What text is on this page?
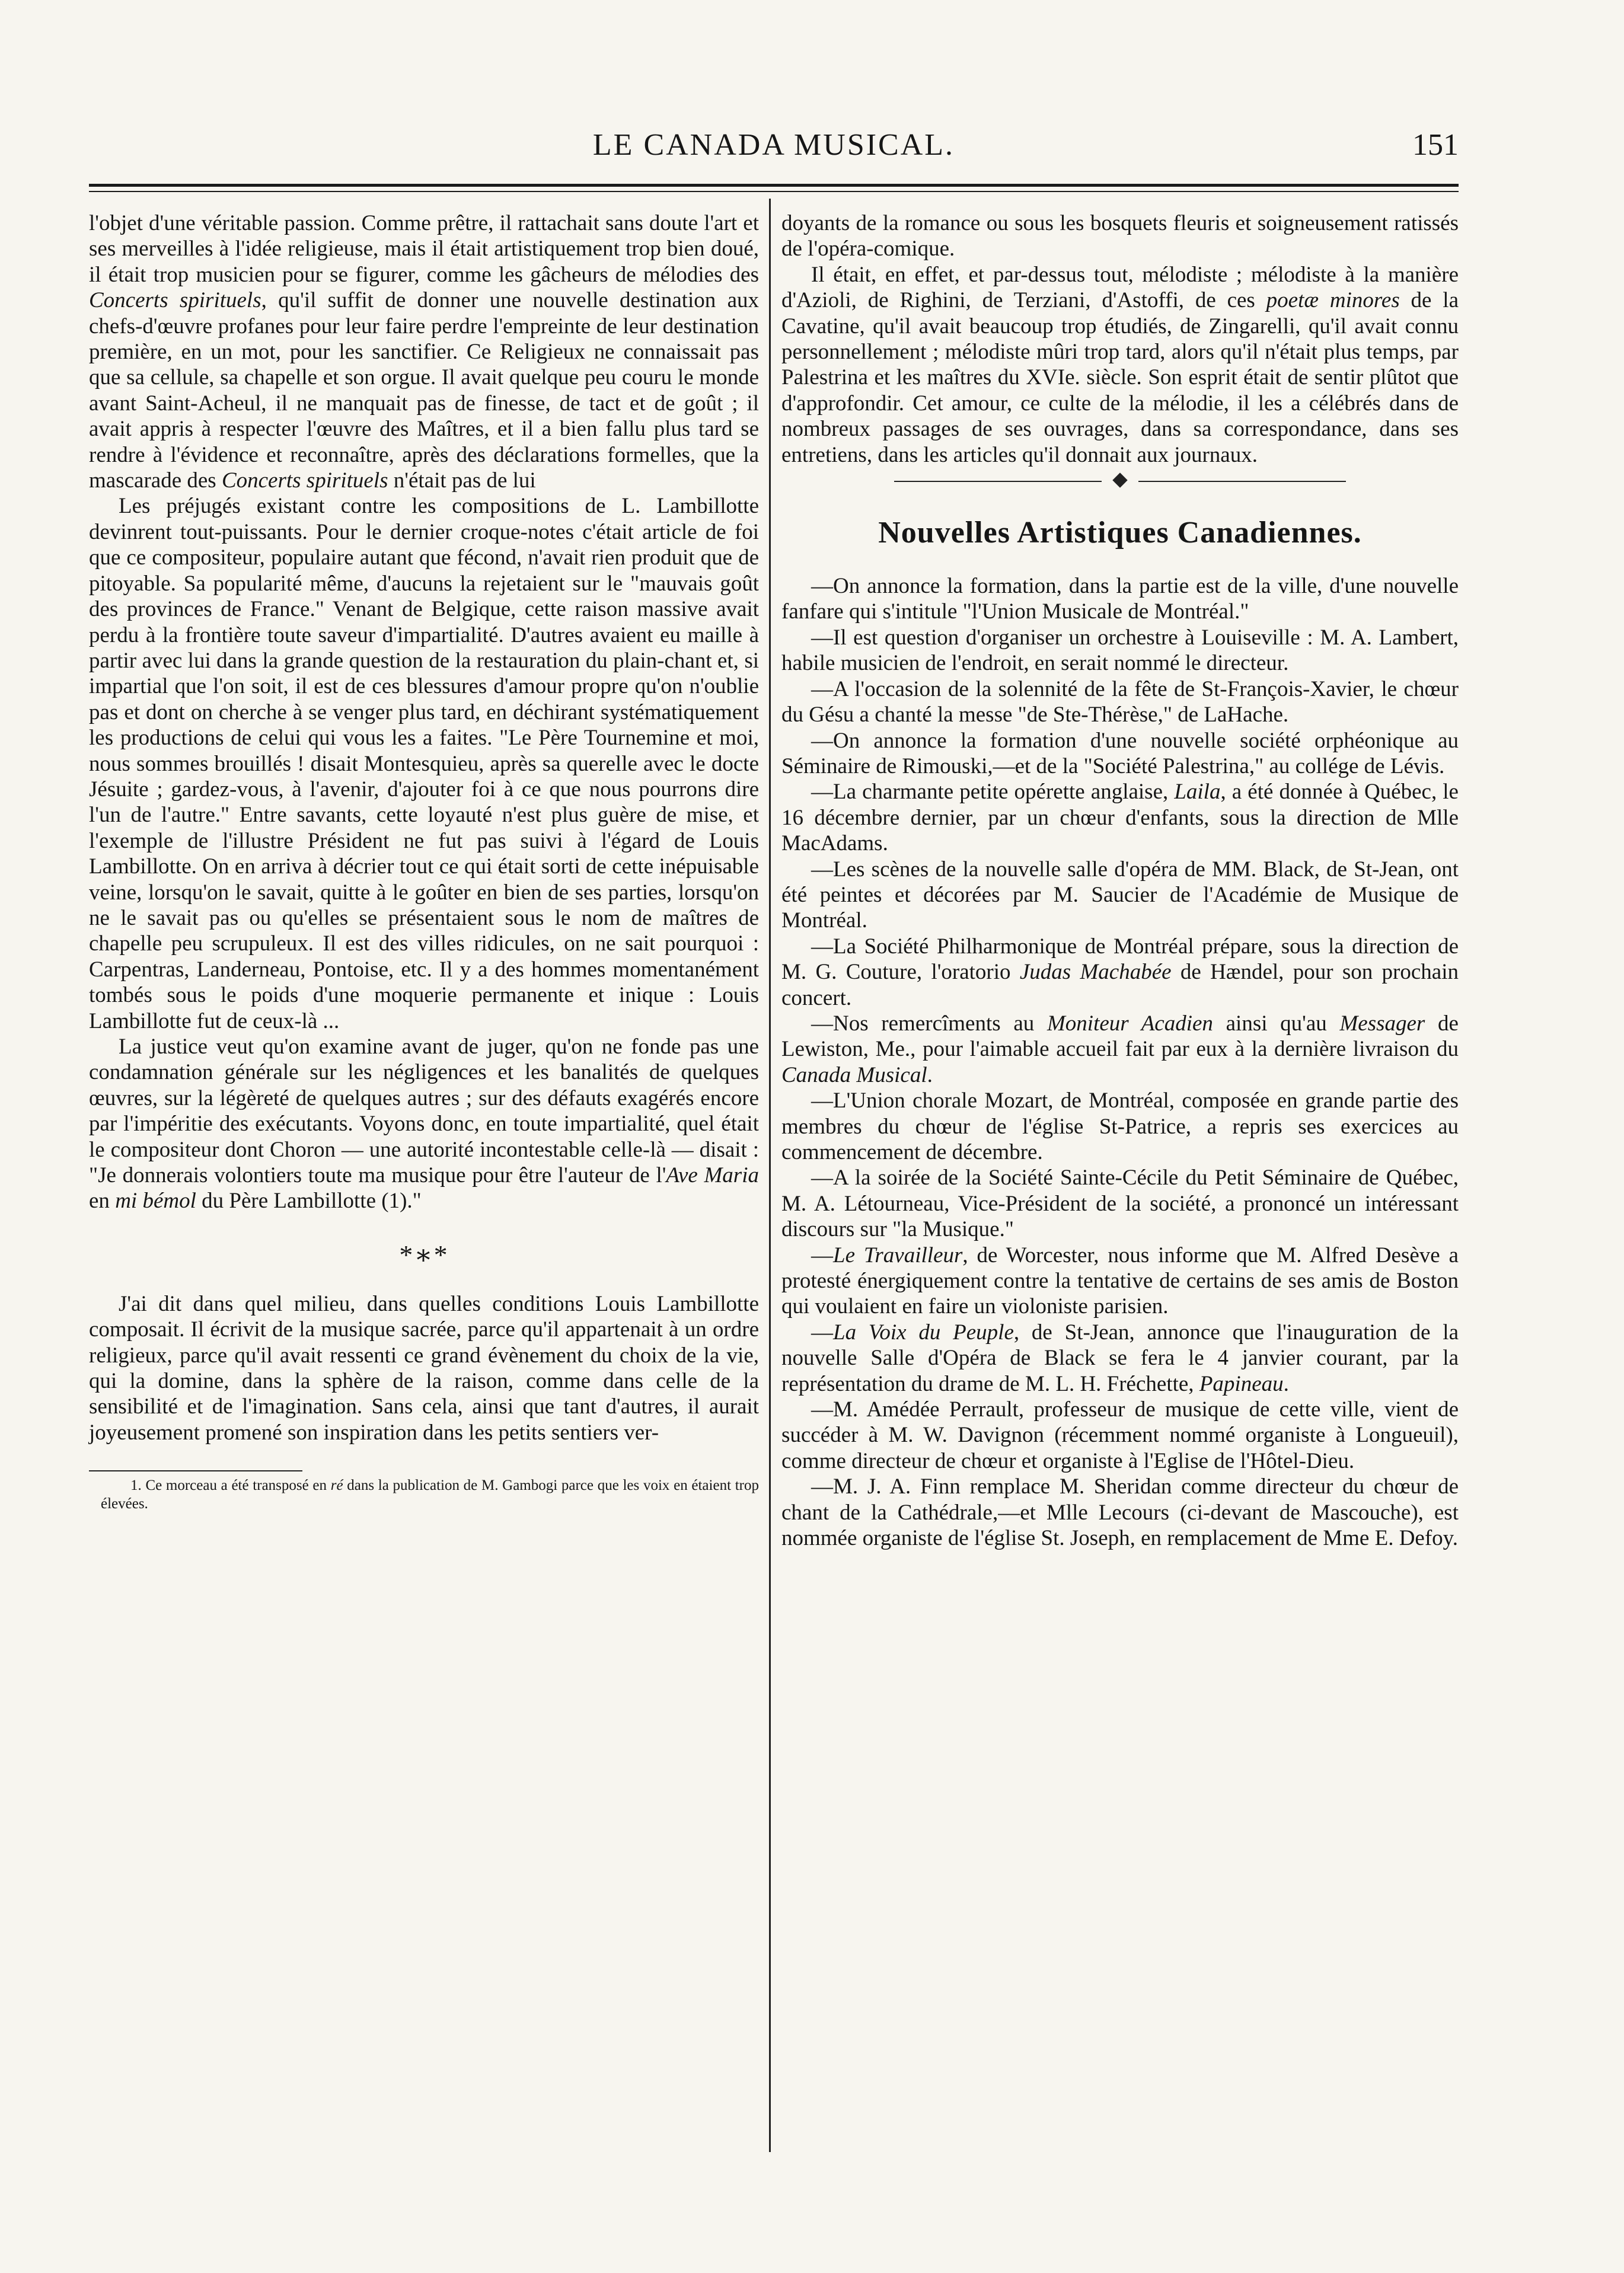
LE CANADA MUSICAL.	151

l'objet d'une véritable passion. Comme prêtre, il rattachait sans doute l'art et ses merveilles à l'idée religieuse, mais il était artistiquement trop bien doué, il était trop musicien pour se figurer, comme les gâcheurs de mélodies des Concerts spirituels, qu'il suffit de donner une nouvelle destination aux chefs-d'œuvre profanes pour leur faire perdre l'empreinte de leur destination première, en un mot, pour les sanctifier. Ce Religieux ne connaissait pas que sa cellule, sa chapelle et son orgue. Il avait quelque peu couru le monde avant Saint-Acheul, il ne manquait pas de finesse, de tact et de goût ; il avait appris à respecter l'œuvre des Maîtres, et il a bien fallu plus tard se rendre à l'évidence et reconnaître, après des déclarations formelles, que la mascarade des Concerts spirituels n'était pas de lui

Les préjugés existant contre les compositions de L. Lambillotte devinrent tout-puissants. Pour le dernier croque-notes c'était article de foi que ce compositeur, populaire autant que fécond, n'avait rien produit que de pitoyable. Sa popularité même, d'aucuns la rejetaient sur le "mauvais goût des provinces de France." Venant de Belgique, cette raison massive avait perdu à la frontière toute saveur d'impartialité. D'autres avaient eu maille à partir avec lui dans la grande question de la restauration du plain-chant et, si impartial que l'on soit, il est de ces blessures d'amour propre qu'on n'oublie pas et dont on cherche à se venger plus tard, en déchirant systématiquement les productions de celui qui vous les a faites. "Le Père Tournemine et moi, nous sommes brouillés ! disait Montesquieu, après sa querelle avec le docte Jésuite ; gardez-vous, à l'avenir, d'ajouter foi à ce que nous pourrons dire l'un de l'autre." Entre savants, cette loyauté n'est plus guère de mise, et l'exemple de l'illustre Président ne fut pas suivi à l'égard de Louis Lambillotte. On en arriva à décrier tout ce qui était sorti de cette inépuisable veine, lorsqu'on le savait, quitte à le goûter en bien de ses parties, lorsqu'on ne le savait pas ou qu'elles se présentaient sous le nom de maîtres de chapelle peu scrupuleux. Il est des villes ridicules, on ne sait pourquoi : Carpentras, Landerneau, Pontoise, etc. Il y a des hommes momentanément tombés sous le poids d'une moquerie permanente et inique : Louis Lambillotte fut de ceux-là ...

La justice veut qu'on examine avant de juger, qu'on ne fonde pas une condamnation générale sur les négligences et les banalités de quelques œuvres, sur la légèreté de quelques autres ; sur des défauts exagérés encore par l'impéritie des exécutants. Voyons donc, en toute impartialité, quel était le compositeur dont Choron — une autorité incontestable celle-là — disait : "Je donnerais volontiers toute ma musique pour être l'auteur de l'Ave Maria en mi bémol du Père Lambillotte (1)."

*∗*

J'ai dit dans quel milieu, dans quelles conditions Louis Lambillotte composait. Il écrivit de la musique sacrée, parce qu'il appartenait à un ordre religieux, parce qu'il avait ressenti ce grand évènement du choix de la vie, qui la domine, dans la sphère de la raison, comme dans celle de la sensibilité et de l'imagination. Sans cela, ainsi que tant d'autres, il aurait joyeusement promené son inspiration dans les petits sentiers ver-

1. Ce morceau a été transposé en ré dans la publication de M. Gambogi parce que les voix en étaient trop élevées.

doyants de la romance ou sous les bosquets fleuris et soigneusement ratissés de l'opéra-comique.

Il était, en effet, et par-dessus tout, mélodiste ; mélodiste à la manière d'Azioli, de Righini, de Terziani, d'Astoffi, de ces poetæ minores de la Cavatine, qu'il avait beaucoup trop étudiés, de Zingarelli, qu'il avait connu personnellement ; mélodiste mûri trop tard, alors qu'il n'était plus temps, par Palestrina et les maîtres du XVIe. siècle. Son esprit était de sentir plûtot que d'approfondir. Cet amour, ce culte de la mélodie, il les a célébrés dans de nombreux passages de ses ouvrages, dans sa correspondance, dans ses entretiens, dans les articles qu'il donnait aux journaux.

Nouvelles Artistiques Canadiennes.

—On annonce la formation, dans la partie est de la ville, d'une nouvelle fanfare qui s'intitule "l'Union Musicale de Montréal."

—Il est question d'organiser un orchestre à Louiseville : M. A. Lambert, habile musicien de l'endroit, en serait nommé le directeur.

—A l'occasion de la solennité de la fête de St-François-Xavier, le chœur du Gésu a chanté la messe "de Ste-Thérèse," de LaHache.

—On annonce la formation d'une nouvelle société orphéonique au Séminaire de Rimouski,—et de la "Société Palestrina," au collége de Lévis.

—La charmante petite opérette anglaise, Laila, a été donnée à Québec, le 16 décembre dernier, par un chœur d'enfants, sous la direction de Mlle MacAdams.

—Les scènes de la nouvelle salle d'opéra de MM. Black, de St-Jean, ont été peintes et décorées par M. Saucier de l'Académie de Musique de Montréal.

—La Société Philharmonique de Montréal prépare, sous la direction de M. G. Couture, l'oratorio Judas Machabée de Hændel, pour son prochain concert.

—Nos remercîments au Moniteur Acadien ainsi qu'au Messager de Lewiston, Me., pour l'aimable accueil fait par eux à la dernière livraison du Canada Musical.

—L'Union chorale Mozart, de Montréal, composée en grande partie des membres du chœur de l'église St-Patrice, a repris ses exercices au commencement de décembre.

—A la soirée de la Société Sainte-Cécile du Petit Séminaire de Québec, M. A. Létourneau, Vice-Président de la société, a prononcé un intéressant discours sur "la Musique."

—Le Travailleur, de Worcester, nous informe que M. Alfred Desève a protesté énergiquement contre la tentative de certains de ses amis de Boston qui voulaient en faire un violoniste parisien.

—La Voix du Peuple, de St-Jean, annonce que l'inauguration de la nouvelle Salle d'Opéra de Black se fera le 4 janvier courant, par la représentation du drame de M. L. H. Fréchette, Papineau.

—M. Amédée Perrault, professeur de musique de cette ville, vient de succéder à M. W. Davignon (récemment nommé organiste à Longueuil), comme directeur de chœur et organiste à l'Eglise de l'Hôtel-Dieu.

—M. J. A. Finn remplace M. Sheridan comme directeur du chœur de chant de la Cathédrale,—et Mlle Lecours (ci-devant de Mascouche), est nommée organiste de l'église St. Joseph, en remplacement de Mme E. Defoy.
